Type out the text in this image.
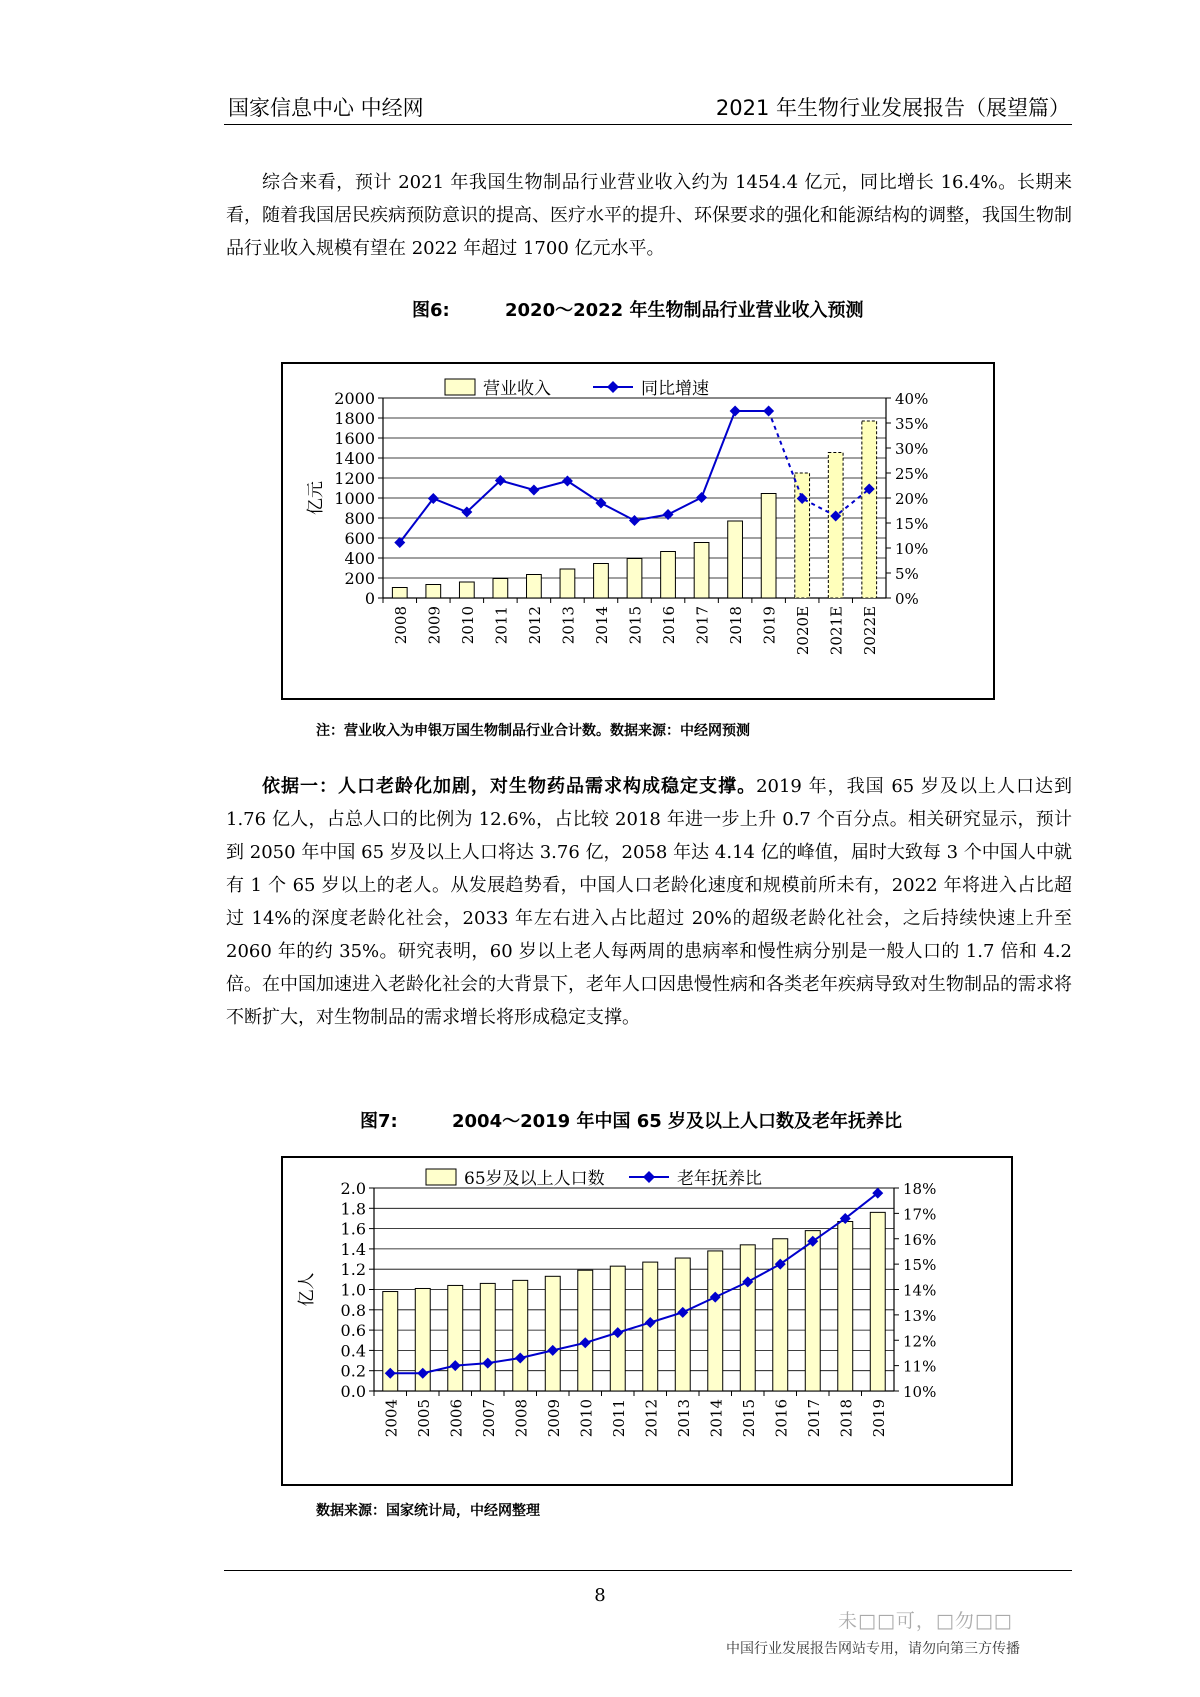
国家信息中心 中经网	2021 年生物行业发展报告（展望篇）
综合来看，预计 2021 年我国生物制品行业营业收入约为 1454.4 亿元，同比增长 16.4%。长期来看，随着我国居民疾病预防意识的提高、医疗水平的提升、环保要求的强化和能源结构的调整，我国生物制品行业收入规模有望在 2022 年超过 1700 亿元水平。
图6:	2020～2022 年生物制品行业营业收入预测
0
200
400
600
800
1000
1200
1400
1600
1800
2000
0%
5%
10%
15%
20%
25%
30%
35%
40%
亿元
2008 2009 2010 2011 2012 2013 2014 2015 2016 2017 2018 2019 2020E 2021E 2022E
营业收入	同比增速
注：营业收入为申银万国生物制品行业合计数。数据来源：中经网预测
依据一：人口老龄化加剧，对生物药品需求构成稳定支撑。2019 年，我国 65 岁及以上人口达到 1.76 亿人，占总人口的比例为 12.6%，占比较 2018 年进一步上升 0.7 个百分点。相关研究显示，预计到 2050 年中国 65 岁及以上人口将达 3.76 亿，2058 年达 4.14 亿的峰值，届时大致每 3 个中国人中就有 1 个 65 岁以上的老人。从发展趋势看，中国人口老龄化速度和规模前所未有，2022 年将进入占比超过 14%的深度老龄化社会，2033 年左右进入占比超过 20%的超级老龄化社会，之后持续快速上升至 2060 年的约 35%。研究表明，60 岁以上老人每两周的患病率和慢性病分别是一般人口的 1.7 倍和 4.2 倍。在中国加速进入老龄化社会的大背景下，老年人口因患慢性病和各类老年疾病导致对生物制品的需求将不断扩大，对生物制品的需求增长将形成稳定支撑。
图7:	2004～2019 年中国 65 岁及以上人口数及老年抚养比
0.0
0.2
0.4
0.6
0.8
1.0
1.2
1.4
1.6
1.8
2.0
10%
11%
12%
13%
14%
15%
16%
17%
18%
亿人
2004 2005 2006 2007 2008 2009 2010 2011 2012 2013 2014 2015 2016 2017 2018 2019
65岁及以上人口数	老年抚养比
数据来源：国家统计局，中经网整理
8
未□□可，□勿□□
中国行业发展报告网站专用，请勿向第三方传播
